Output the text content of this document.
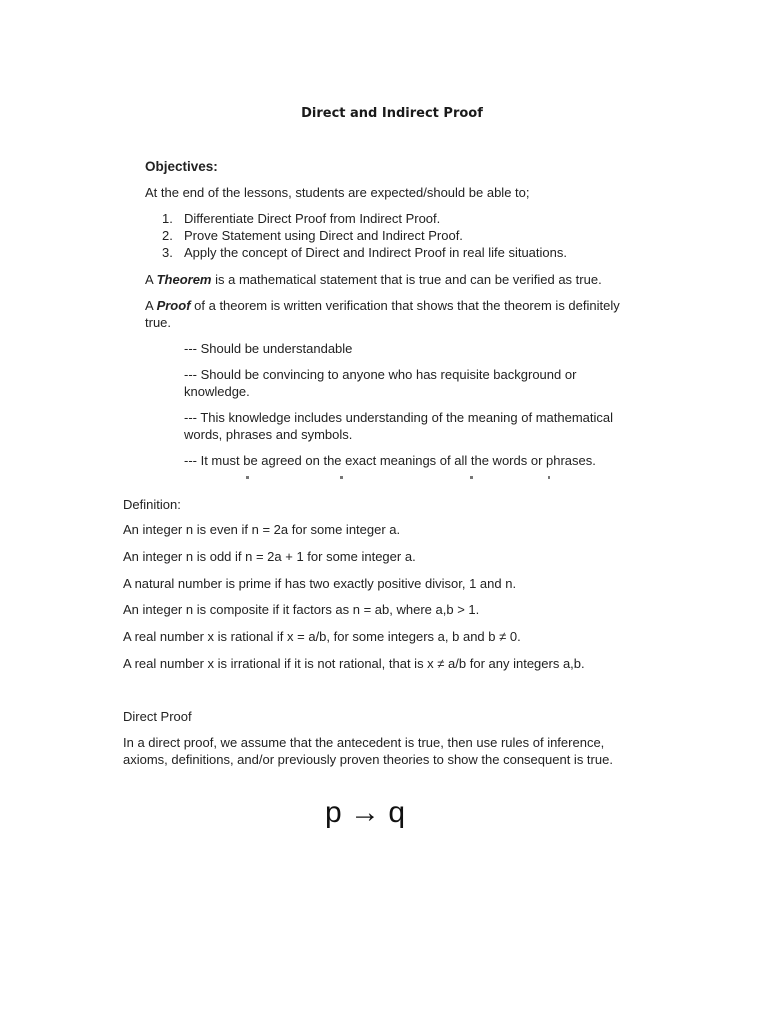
Direct and Indirect Proof
Objectives:
At the end of the lessons, students are expected/should be able to;
1. Differentiate Direct Proof from Indirect Proof.
2. Prove Statement using Direct and Indirect Proof.
3. Apply the concept of Direct and Indirect Proof in real life situations.
A Theorem is a mathematical statement that is true and can be verified as true.
A Proof of a theorem is written verification that shows that the theorem is definitely true.
--- Should be understandable
--- Should be convincing to anyone who has requisite background or knowledge.
--- This knowledge includes understanding of the meaning of mathematical words, phrases and symbols.
--- It must be agreed on the exact meanings of all the words or phrases.
Definition:
An integer n is even if n = 2a for some integer a.
An integer n is odd if n = 2a + 1 for some integer a.
A natural number is prime if has two exactly positive divisor, 1 and n.
An integer n is composite if it factors as n = ab, where a,b > 1.
A real number x is rational if x = a/b, for some integers a, b and b ≠ 0.
A real number x is irrational if it is not rational, that is x ≠ a/b for any integers a,b.
Direct Proof
In a direct proof, we assume that the antecedent is true, then use rules of inference, axioms, definitions, and/or previously proven theories to show the consequent is true.
p → q
